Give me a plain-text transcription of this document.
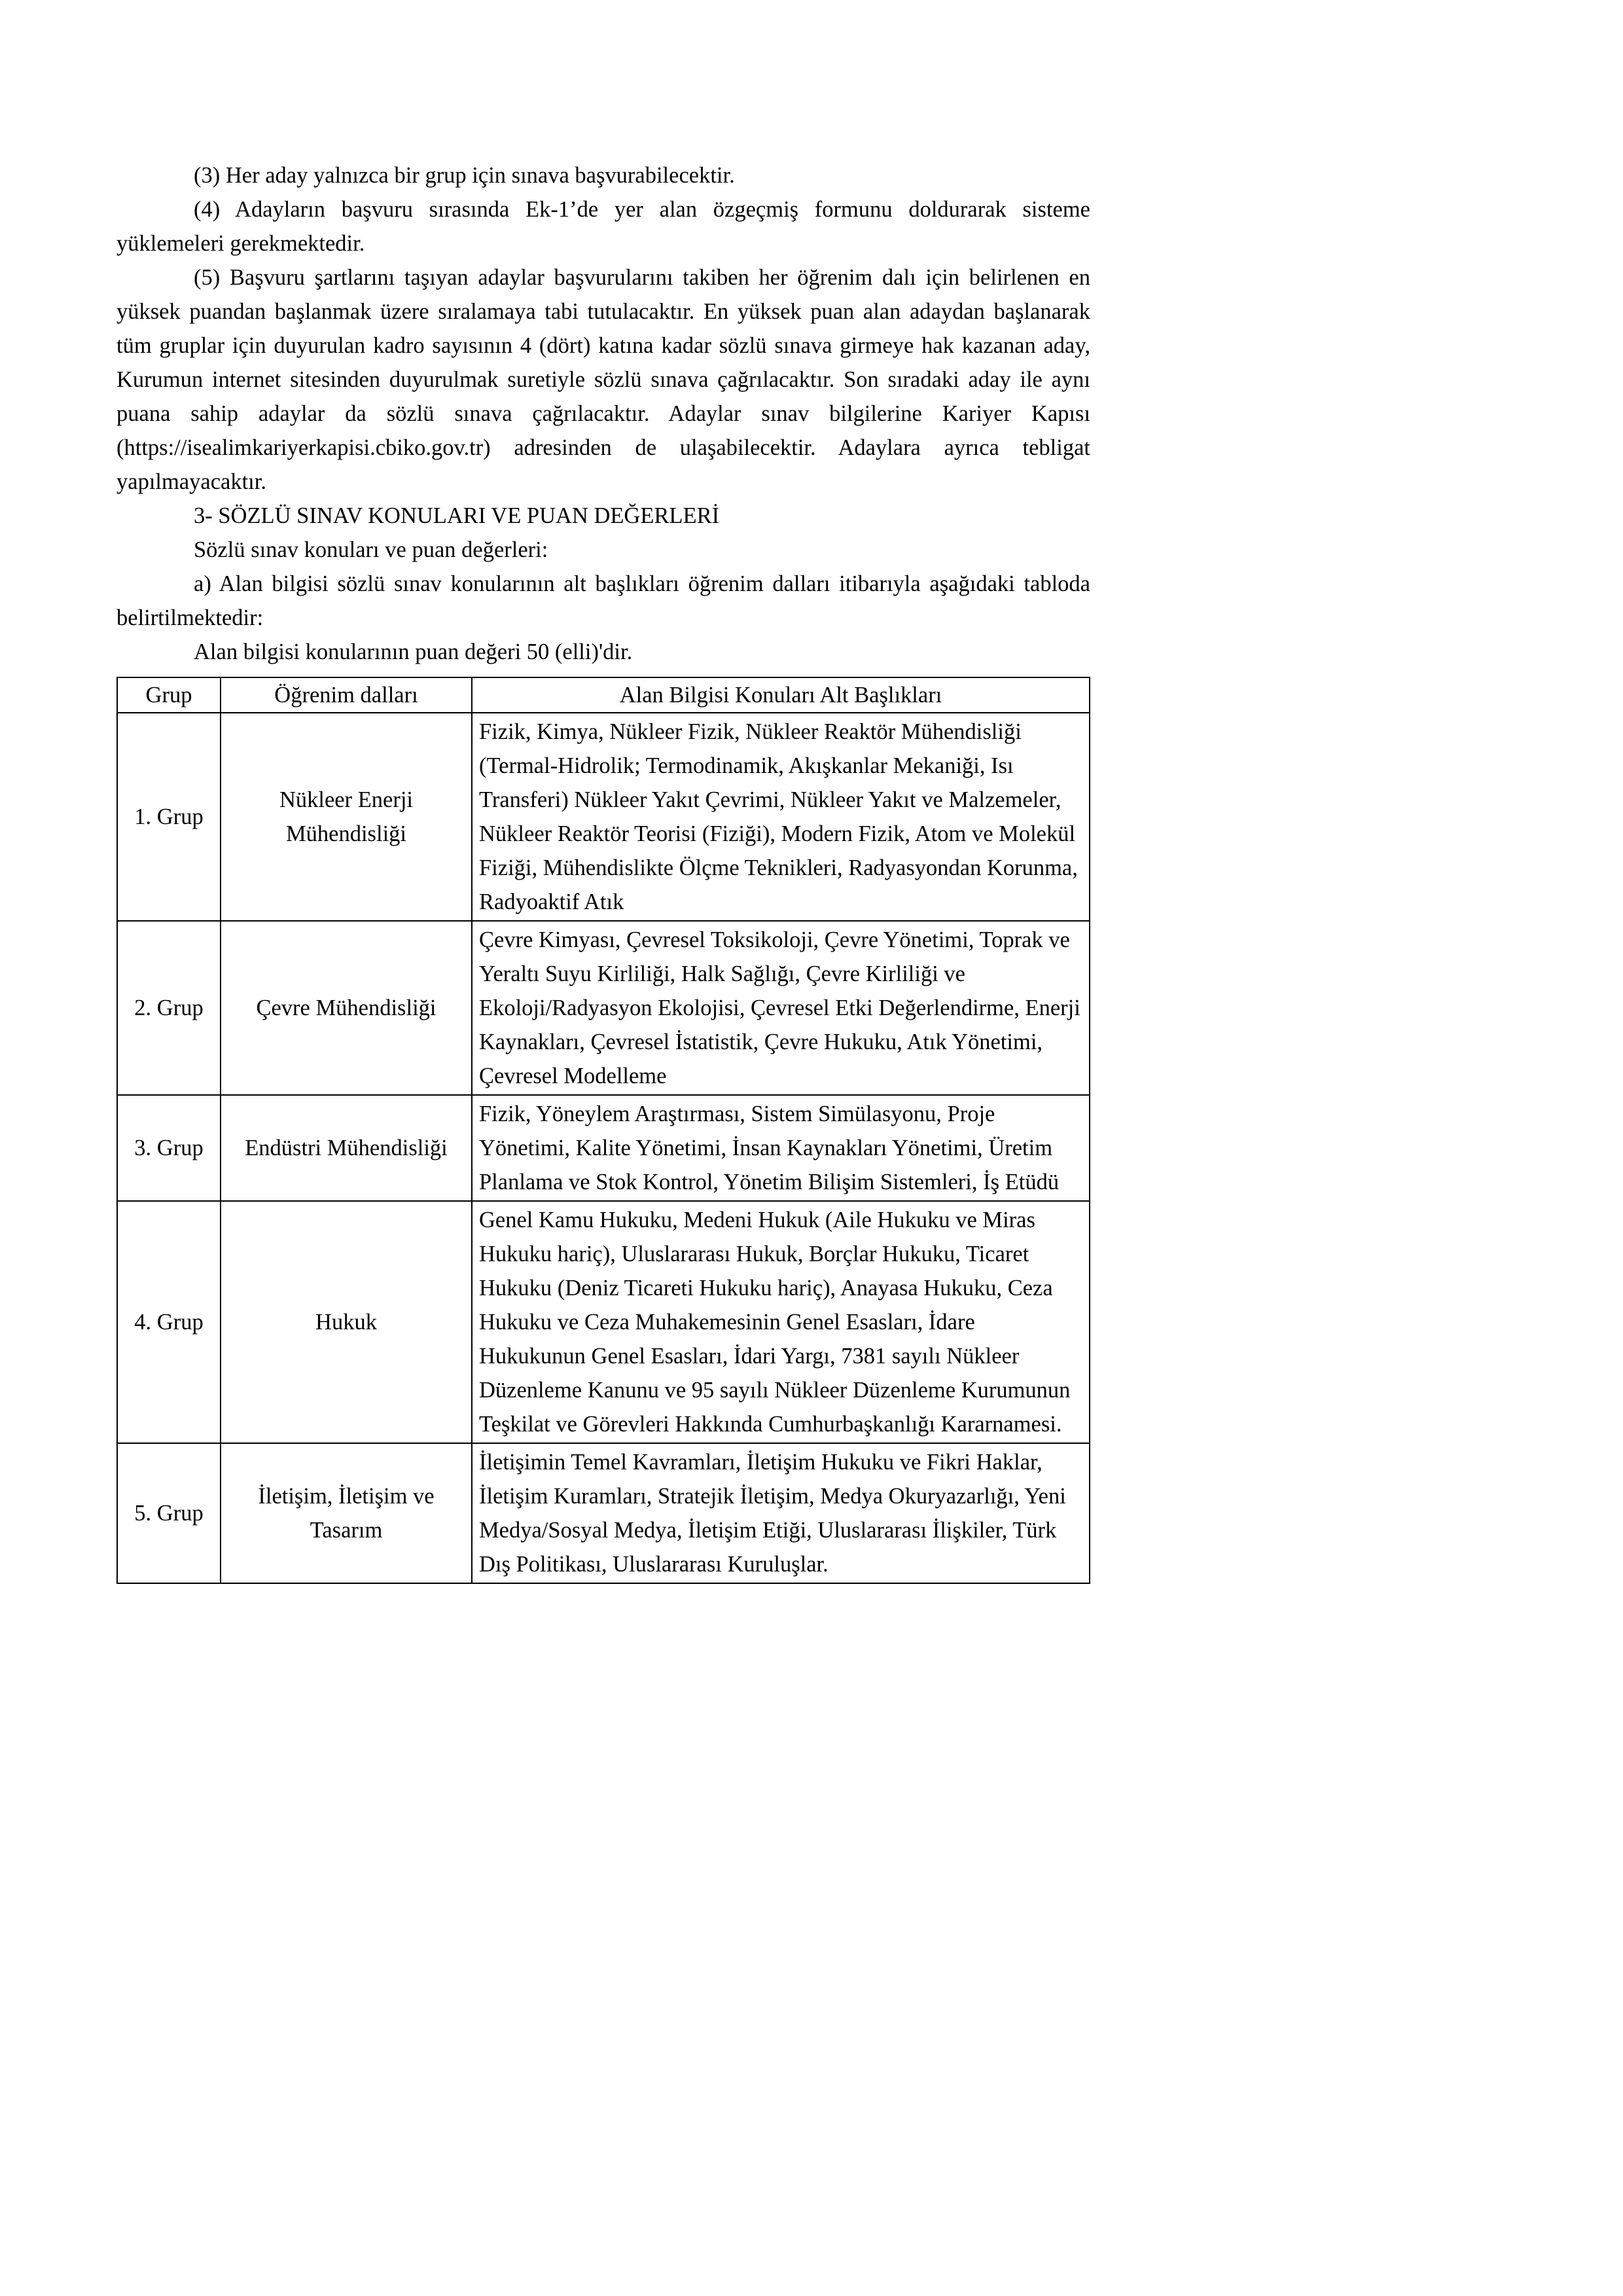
(3) Her aday yalnızca bir grup için sınava başvurabilecektir.

(4) Adayların başvuru sırasında Ek-1’de yer alan özgeçmiş formunu doldurarak sisteme yüklemeleri gerekmektedir.

(5) Başvuru şartlarını taşıyan adaylar başvurularını takiben her öğrenim dalı için belirlenen en yüksek puandan başlanmak üzere sıralamaya tabi tutulacaktır. En yüksek puan alan adaydan başlanarak tüm gruplar için duyurulan kadro sayısının 4 (dört) katına kadar sözlü sınava girmeye hak kazanan aday, Kurumun internet sitesinden duyurulmak suretiyle sözlü sınava çağrılacaktır. Son sıradaki aday ile aynı puana sahip adaylar da sözlü sınava çağrılacaktır. Adaylar sınav bilgilerine Kariyer Kapısı (https://isealimkariyerkapisi.cbiko.gov.tr) adresinden de ulaşabilecektir. Adaylara ayrıca tebligat yapılmayacaktır.

3- SÖZLÜ SINAV KONULARI VE PUAN DEĞERLERİ

Sözlü sınav konuları ve puan değerleri:

a) Alan bilgisi sözlü sınav konularının alt başlıkları öğrenim dalları itibarıyla aşağıdaki tabloda belirtilmektedir:

Alan bilgisi konularının puan değeri 50 (elli)'dir.

Grup	Öğrenim dalları	Alan Bilgisi Konuları Alt Başlıkları
1. Grup	Nükleer Enerji Mühendisliği	Fizik, Kimya, Nükleer Fizik, Nükleer Reaktör Mühendisliği (Termal-Hidrolik; Termodinamik, Akışkanlar Mekaniği, Isı Transferi) Nükleer Yakıt Çevrimi, Nükleer Yakıt ve Malzemeler, Nükleer Reaktör Teorisi (Fiziği), Modern Fizik, Atom ve Molekül Fiziği, Mühendislikte Ölçme Teknikleri, Radyasyondan Korunma, Radyoaktif Atık
2. Grup	Çevre Mühendisliği	Çevre Kimyası, Çevresel Toksikoloji, Çevre Yönetimi, Toprak ve Yeraltı Suyu Kirliliği, Halk Sağlığı, Çevre Kirliliği ve Ekoloji/Radyasyon Ekolojisi, Çevresel Etki Değerlendirme, Enerji Kaynakları, Çevresel İstatistik, Çevre Hukuku, Atık Yönetimi, Çevresel Modelleme
3. Grup	Endüstri Mühendisliği	Fizik, Yöneylem Araştırması, Sistem Simülasyonu, Proje Yönetimi, Kalite Yönetimi, İnsan Kaynakları Yönetimi, Üretim Planlama ve Stok Kontrol, Yönetim Bilişim Sistemleri, İş Etüdü
4. Grup	Hukuk	Genel Kamu Hukuku, Medeni Hukuk (Aile Hukuku ve Miras Hukuku hariç), Uluslararası Hukuk, Borçlar Hukuku, Ticaret Hukuku (Deniz Ticareti Hukuku hariç), Anayasa Hukuku, Ceza Hukuku ve Ceza Muhakemesinin Genel Esasları, İdare Hukukunun Genel Esasları, İdari Yargı, 7381 sayılı Nükleer Düzenleme Kanunu ve 95 sayılı Nükleer Düzenleme Kurumunun Teşkilat ve Görevleri Hakkında Cumhurbaşkanlığı Kararnamesi.
5. Grup	İletişim, İletişim ve Tasarım	İletişimin Temel Kavramları, İletişim Hukuku ve Fikri Haklar, İletişim Kuramları, Stratejik İletişim, Medya Okuryazarlığı, Yeni Medya/Sosyal Medya, İletişim Etiği, Uluslararası İlişkiler, Türk Dış Politikası, Uluslararası Kuruluşlar.
